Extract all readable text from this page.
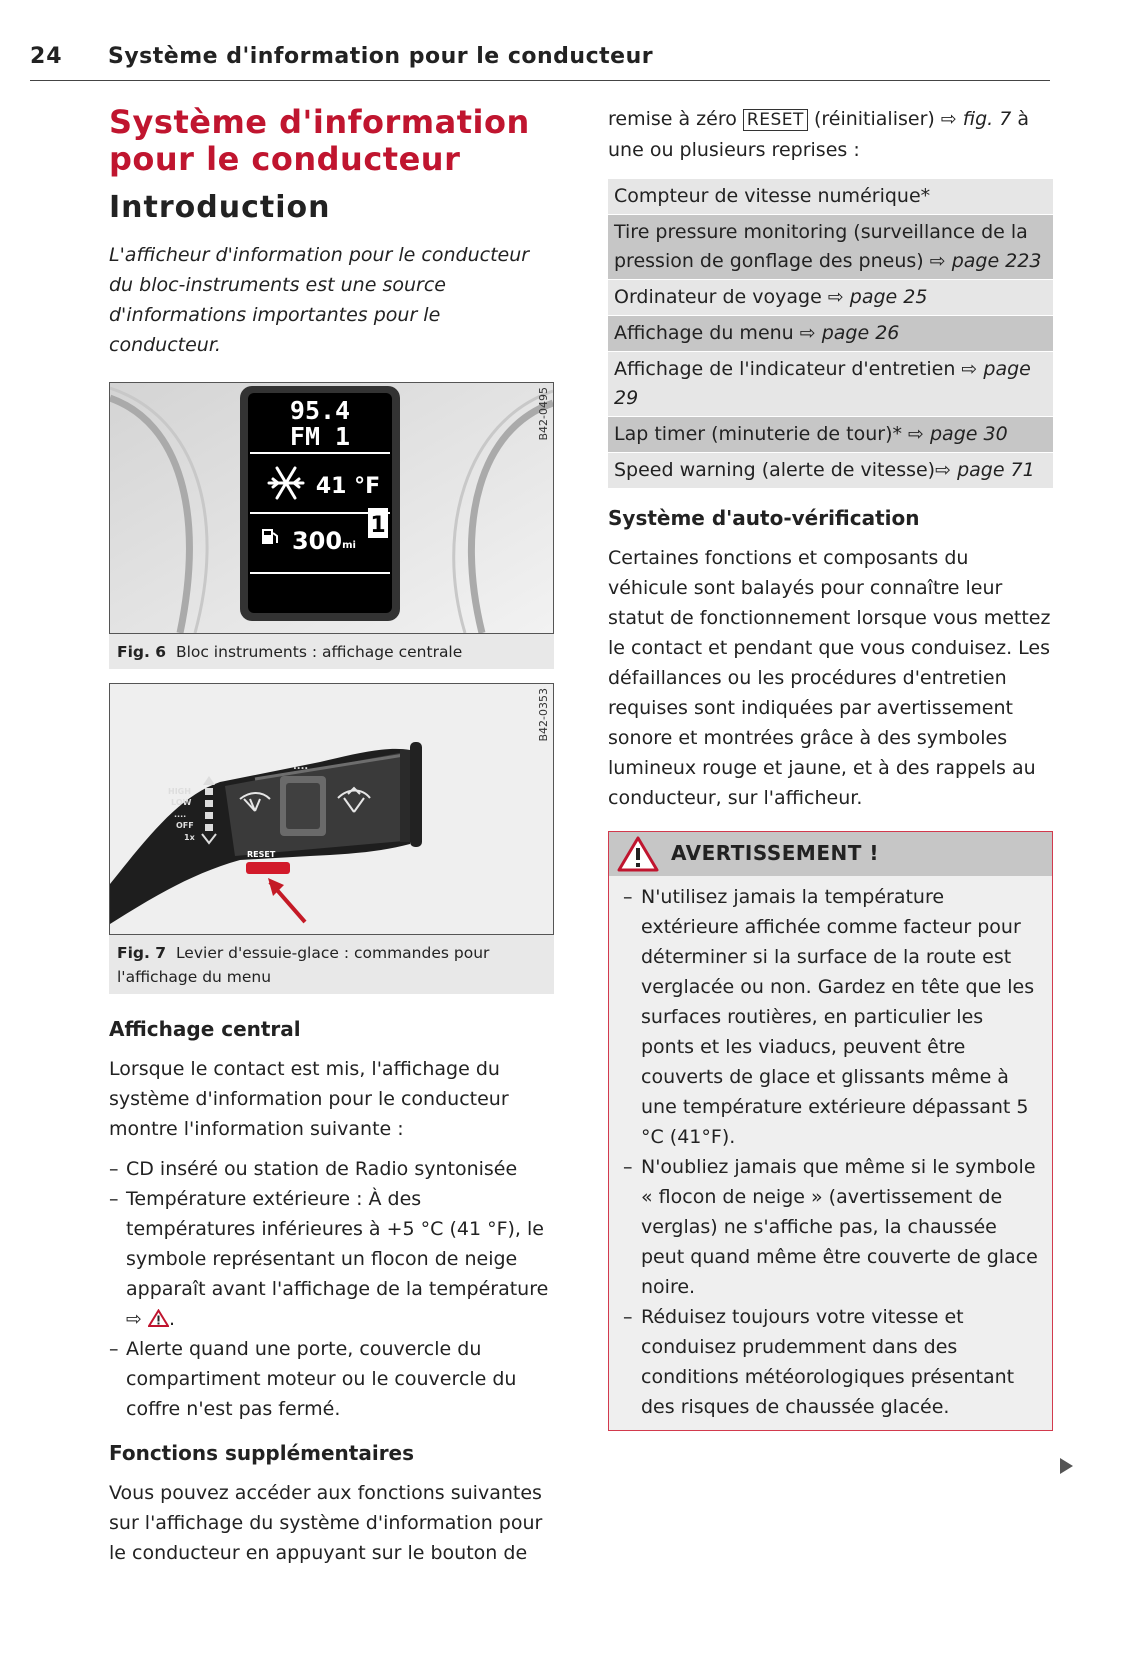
24 Système d'information pour le conducteur
Système d'information
pour le conducteur
Introduction

L'afficheur d'information pour le conducteur du bloc-instruments est une source d'informations importantes pour le conducteur.

95.4
FM 1
41 °F
300 mi
1
B42-0495
Fig. 6 Bloc instruments : affichage centrale
HIGH
LOW
....
OFF
1x
....
RESET
B42-0353
Fig. 7 Levier d'essuie-glace : commandes pour l'affichage du menu
Affichage central

Lorsque le contact est mis, l'affichage du système d'information pour le conducteur montre l'information suivante :

– CD inséré ou station de Radio syntonisée
– Température extérieure : À des températures inférieures à +5 °C (41 °F), le symbole représentant un flocon de neige apparaît avant l'affichage de la température ⇨ .
– Alerte quand une porte, couvercle du compartiment moteur ou le couvercle du coffre n'est pas fermé.
Fonctions supplémentaires

Vous pouvez accéder aux fonctions suivantes sur l'affichage du système d'information pour le conducteur en appuyant sur le bouton de

remise à zéro RESET (réinitialiser) ⇨ fig. 7 à une ou plusieurs reprises :

Compteur de vitesse numérique*
Tire pressure monitoring (surveillance de la pression de gonflage des pneus) ⇨ page 223
Ordinateur de voyage ⇨ page 25
Affichage du menu ⇨ page 26
Affichage de l'indicateur d'entretien ⇨ page 29
Lap timer (minuterie de tour)* ⇨ page 30
Speed warning (alerte de vitesse)⇨ page 71
Système d'auto-vérification

Certaines fonctions et composants du véhicule sont balayés pour connaître leur statut de fonctionnement lorsque vous mettez le contact et pendant que vous conduisez. Les défaillances ou les procédures d'entretien requises sont indiquées par avertissement sonore et montrées grâce à des symboles lumineux rouge et jaune, et à des rappels au conducteur, sur l'afficheur.

AVERTISSEMENT !
– N'utilisez jamais la température extérieure affichée comme facteur pour déterminer si la surface de la route est verglacée ou non. Gardez en tête que les surfaces routières, en particulier les ponts et les viaducs, peuvent être couverts de glace et glissants même à une température extérieure dépassant 5 °C (41°F).
– N'oubliez jamais que même si le symbole « flocon de neige » (avertissement de verglas) ne s'affiche pas, la chaussée peut quand même être couverte de glace noire.
– Réduisez toujours votre vitesse et conduisez prudemment dans des conditions météorologiques présentant des risques de chaussée glacée.
